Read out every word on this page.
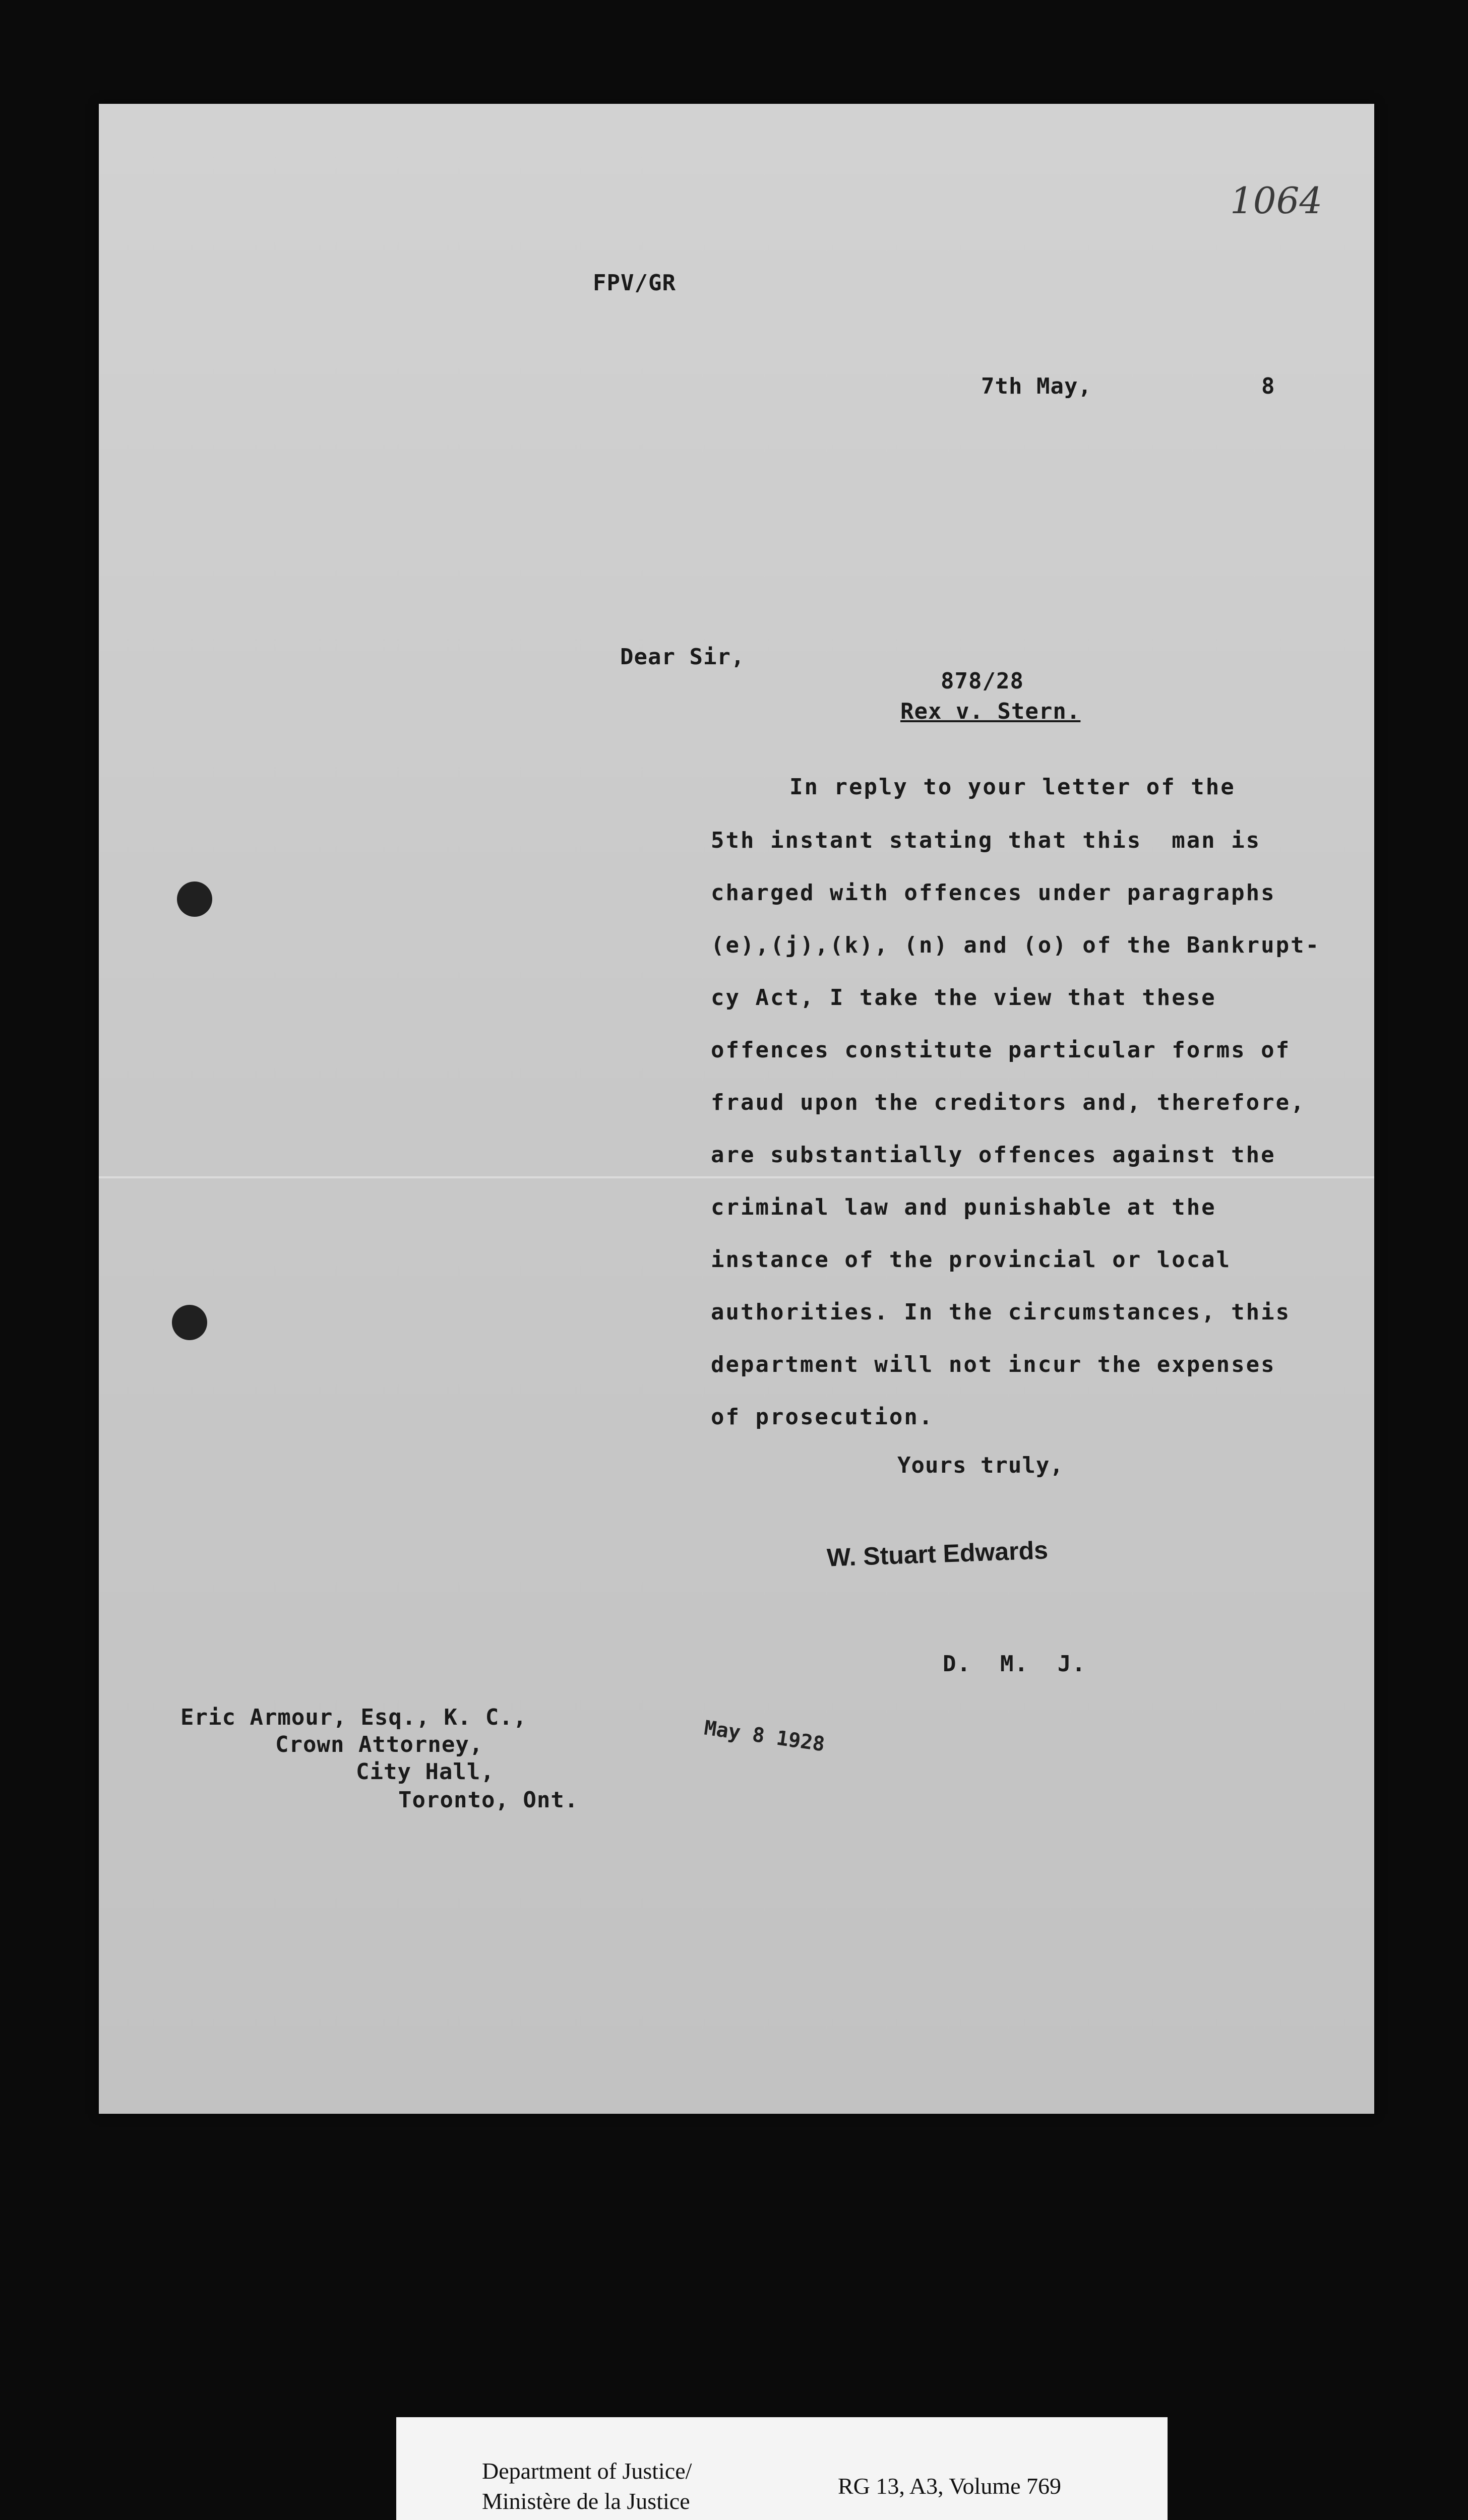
1064
FPV/GR
7th May,	8
Dear Sir,
878/28
Rex v. Stern.
In reply to your letter of the
5th instant stating that this  man is
charged with offences under paragraphs
(e),(j),(k), (n) and (o) of the Bankrupt-
cy Act, I take the view that these
offences constitute particular forms of
fraud upon the creditors and, therefore,
are substantially offences against the
criminal law and punishable at the
instance of the provincial or local
authorities. In the circumstances, this
department will not incur the expenses
of prosecution.
Yours truly,
W. Stuart Edwards
D.  M.  J.
Eric Armour, Esq., K. C.,
Crown Attorney,
City Hall,
Toronto, Ont.
May 8 1928
Department of Justice/
Ministère de la Justice
RG 13, A3, Volume 769
